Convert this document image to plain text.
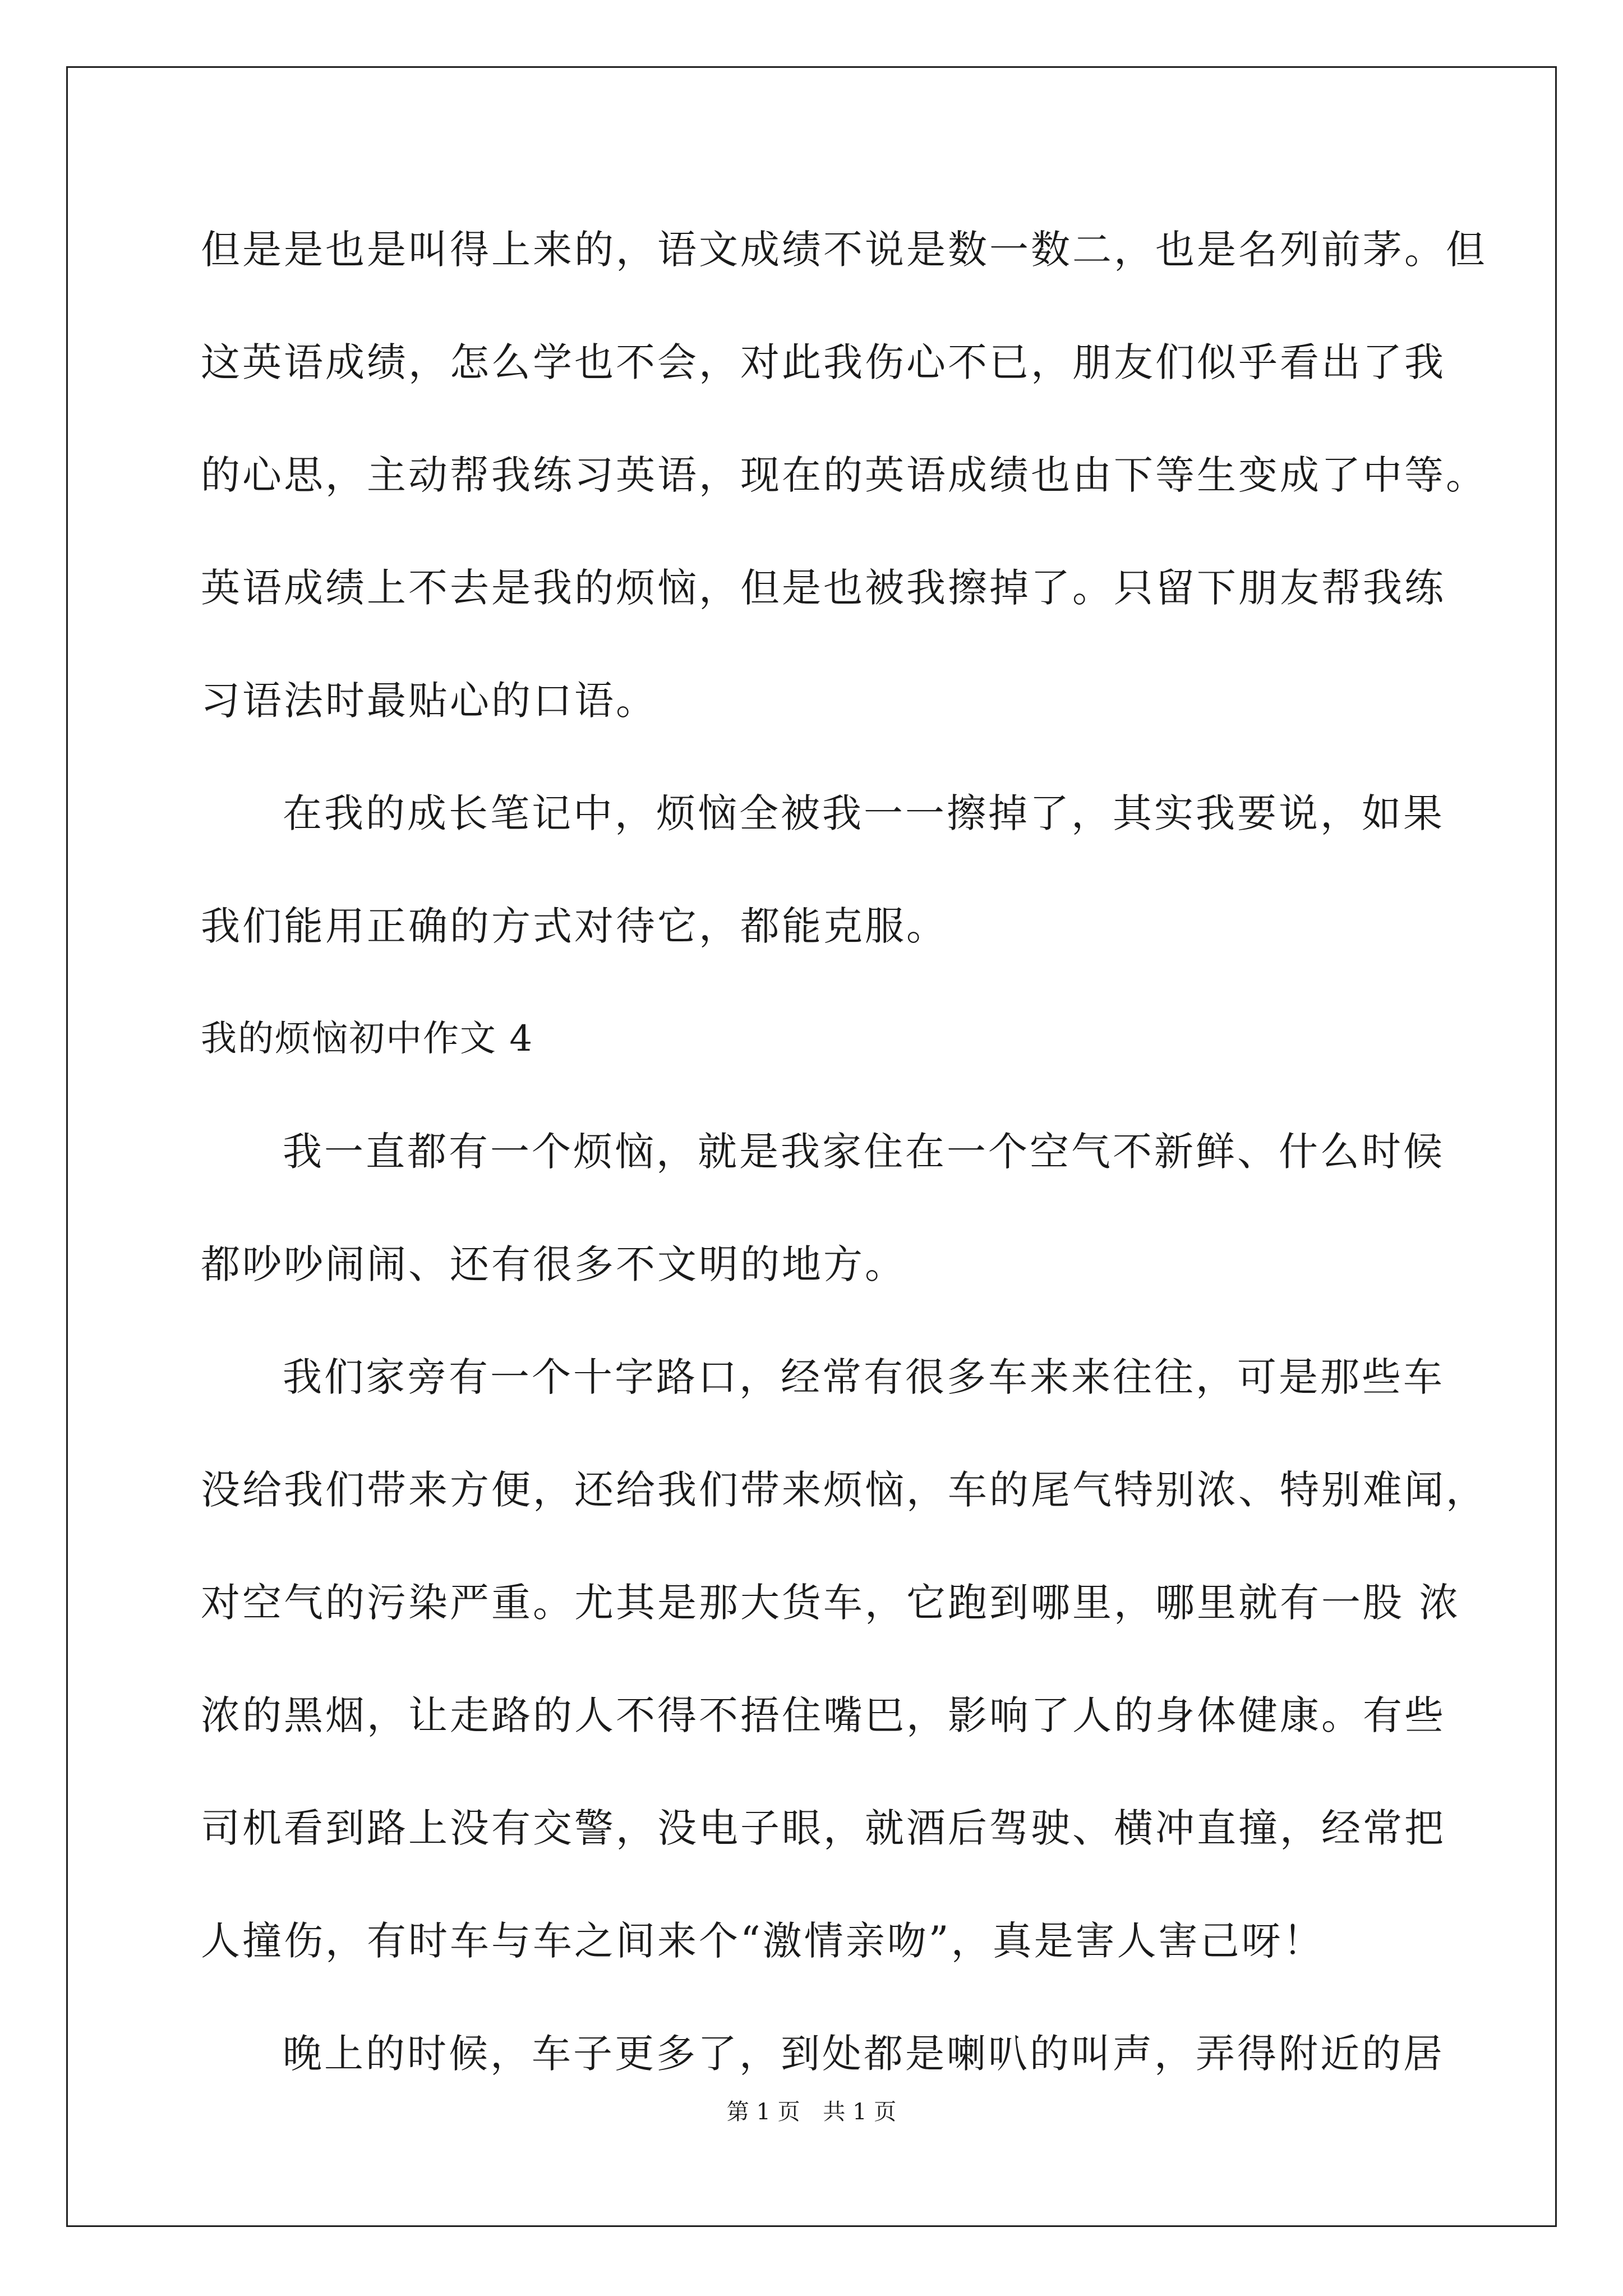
但是是也是叫得上来的，语文成绩不说是数一数二，也是名列前茅。但
这英语成绩，怎么学也不会，对此我伤心不已，朋友们似乎看出了我
的心思，主动帮我练习英语，现在的英语成绩也由下等生变成了中等。
英语成绩上不去是我的烦恼，但是也被我擦掉了。只留下朋友帮我练
习语法时最贴心的口语。
在我的成长笔记中，烦恼全被我一一擦掉了，其实我要说，如果
我们能用正确的方式对待它，都能克服。
我的烦恼初中作文 4
我一直都有一个烦恼，就是我家住在一个空气不新鲜、什么时候
都吵吵闹闹、还有很多不文明的地方。
我们家旁有一个十字路口，经常有很多车来来往往，可是那些车
没给我们带来方便，还给我们带来烦恼，车的尾气特别浓、特别难闻，
对空气的污染严重。尤其是那大货车，它跑到哪里，哪里就有一股 浓
浓的黑烟，让走路的人不得不捂住嘴巴，影响了人的身体健康。有些
司机看到路上没有交警，没电子眼，就酒后驾驶、横冲直撞，经常把
人撞伤，有时车与车之间来个“激情亲吻”，真是害人害己呀！
晚上的时候，车子更多了，到处都是喇叭的叫声，弄得附近的居
第 1 页 共 1 页
